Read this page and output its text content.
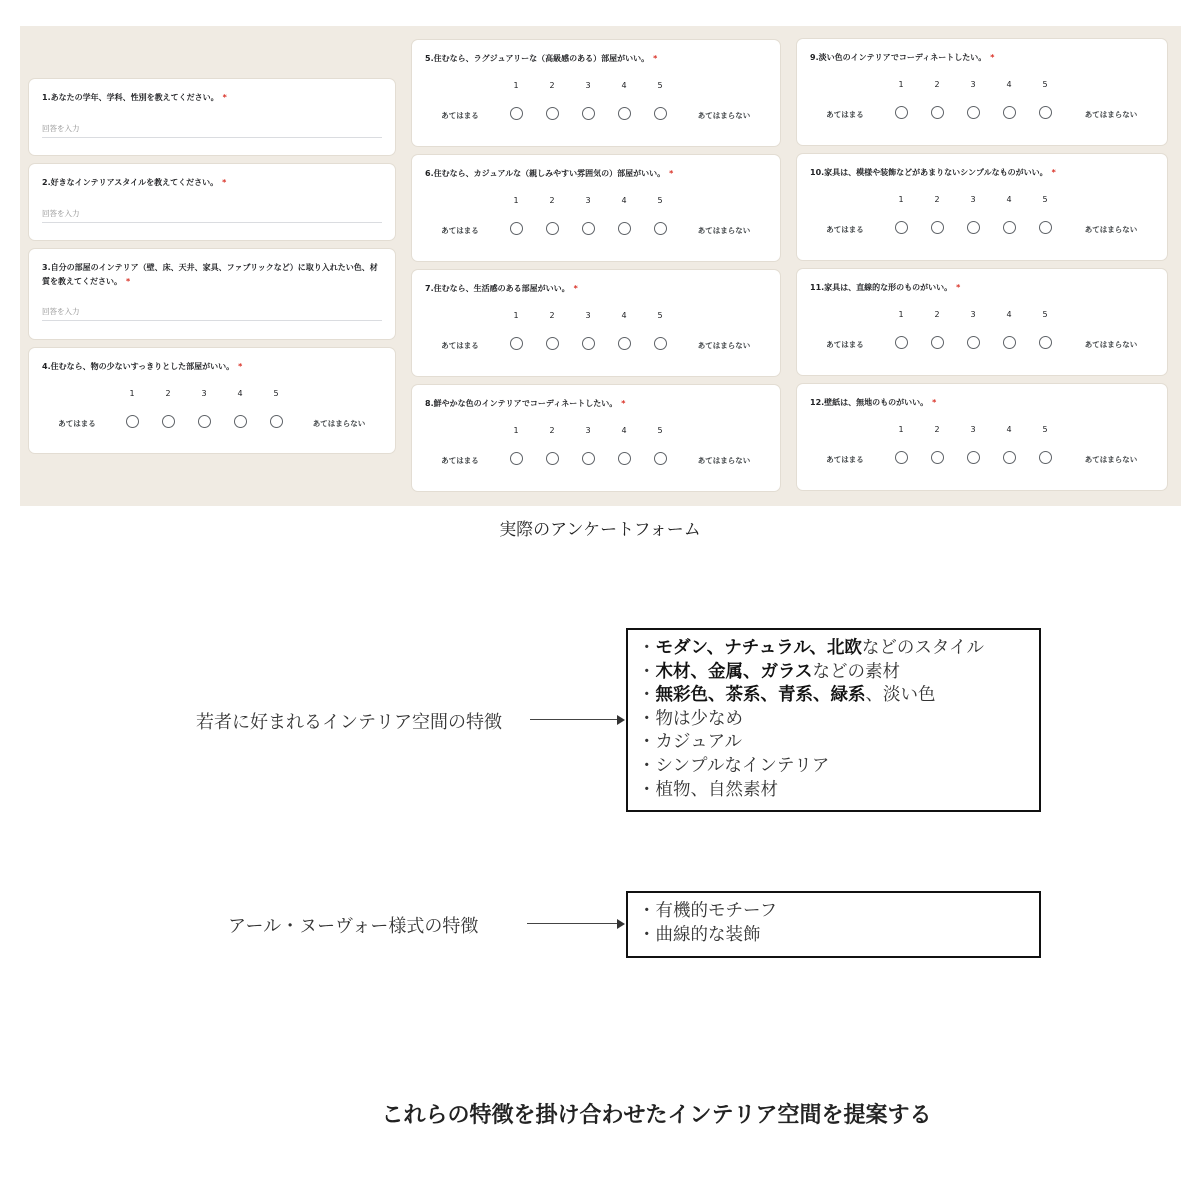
1.あなたの学年、学科、性別を教えてください。 *
回答を入力
2.好きなインテリアスタイルを教えてください。 *
回答を入力
3.自分の部屋のインテリア（壁、床、天井、家具、ファブリックなど）に取り入れたい色、材質を教えてください。 *
回答を入力
4.住むなら、物の少ないすっきりとした部屋がいい。 *
1	2	3	4	5
あてはまる	あてはまらない
5.住むなら、ラグジュアリーな（高級感のある）部屋がいい。 *
1	2	3	4	5
あてはまる	あてはまらない
6.住むなら、カジュアルな（親しみやすい雰囲気の）部屋がいい。 *
1	2	3	4	5
あてはまる	あてはまらない
7.住むなら、生活感のある部屋がいい。 *
1	2	3	4	5
あてはまる	あてはまらない
8.鮮やかな色のインテリアでコーディネートしたい。 *
1	2	3	4	5
あてはまる	あてはまらない
9.淡い色のインテリアでコーディネートしたい。 *
1	2	3	4	5
あてはまる	あてはまらない
10.家具は、模様や装飾などがあまりないシンプルなものがいい。 *
1	2	3	4	5
あてはまる	あてはまらない
11.家具は、直線的な形のものがいい。 *
1	2	3	4	5
あてはまる	あてはまらない
12.壁紙は、無地のものがいい。 *
1	2	3	4	5
あてはまる	あてはまらない
実際のアンケートフォーム
若者に好まれるインテリア空間の特徴
・モダン、ナチュラル、北欧などのスタイル
・木材、金属、ガラスなどの素材
・無彩色、茶系、青系、緑系、淡い色
・物は少なめ
・カジュアル
・シンプルなインテリア
・植物、自然素材
アール・ヌーヴォー様式の特徴
・有機的モチーフ
・曲線的な装飾
これらの特徴を掛け合わせたインテリア空間を提案する
